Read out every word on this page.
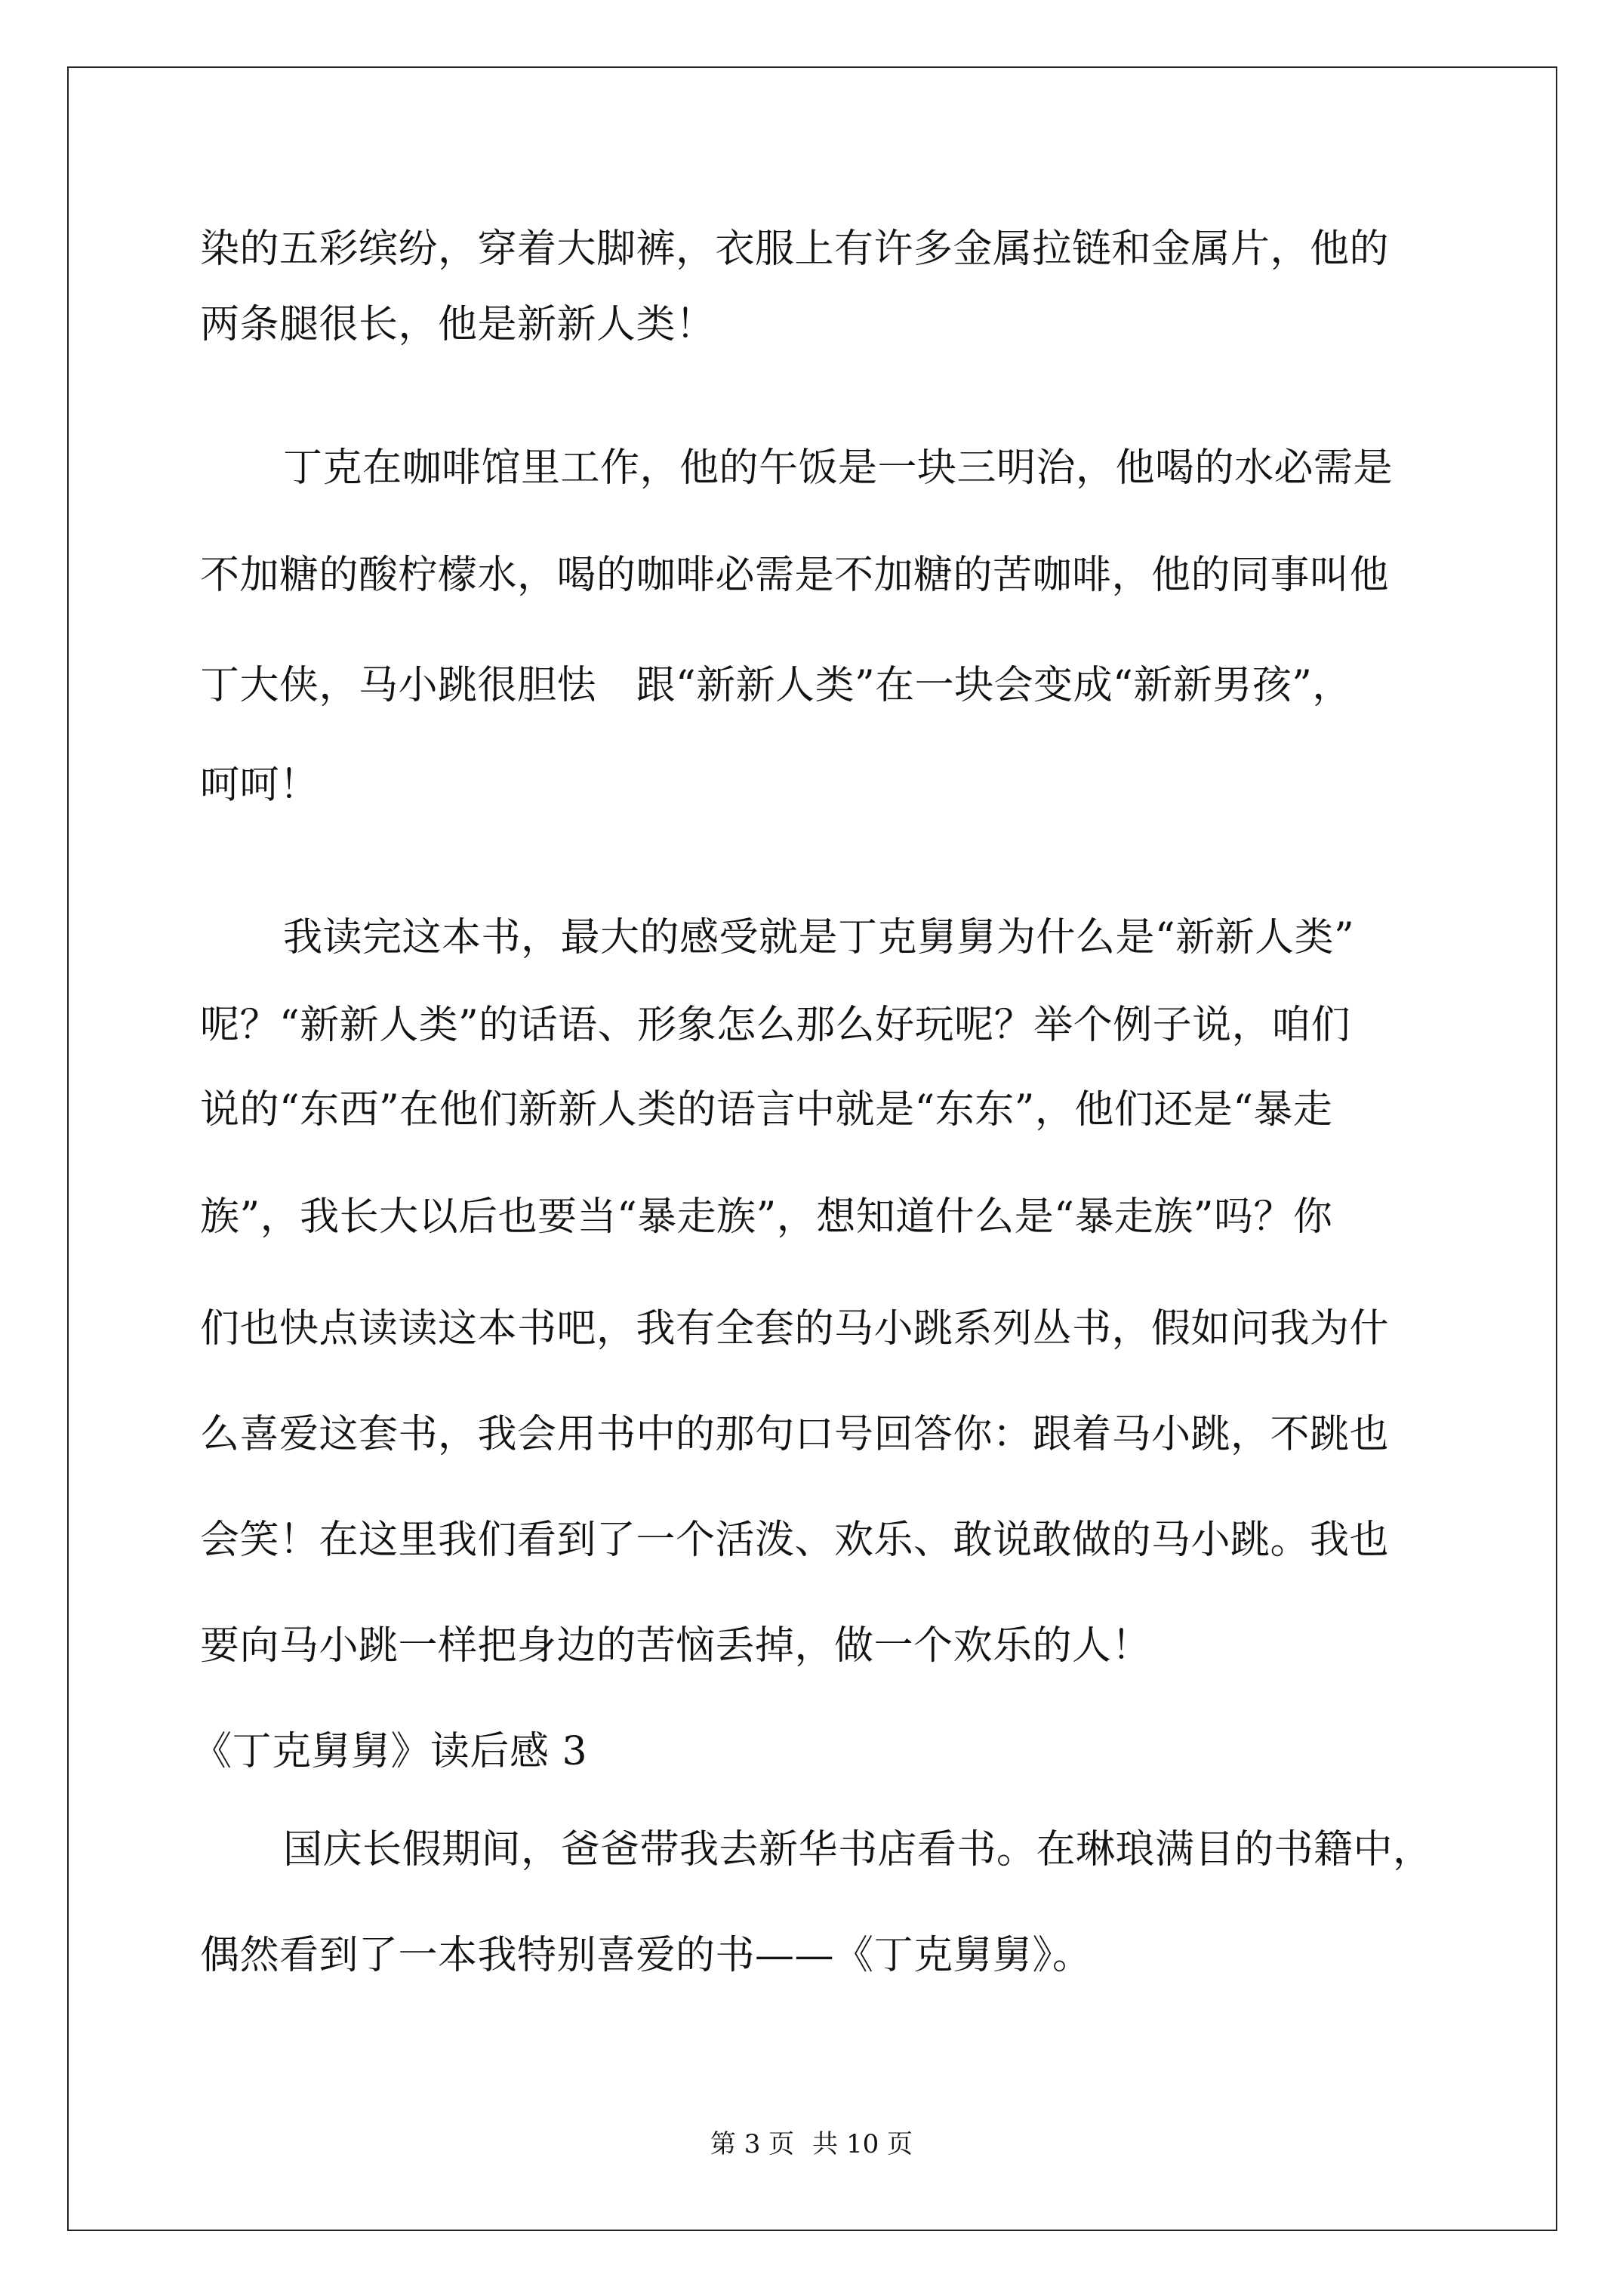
染的五彩缤纷，穿着大脚裤，衣服上有许多金属拉链和金属片，他的

两条腿很长，他是新新人类！

丁克在咖啡馆里工作，他的午饭是一块三明治，他喝的水必需是

不加糖的酸柠檬水，喝的咖啡必需是不加糖的苦咖啡，他的同事叫他

丁大侠，马小跳很胆怯　跟“新新人类”在一块会变成“新新男孩”，

呵呵！

我读完这本书，最大的感受就是丁克舅舅为什么是“新新人类”

呢？“新新人类”的话语、形象怎么那么好玩呢？举个例子说，咱们

说的“东西”在他们新新人类的语言中就是“东东”，他们还是“暴走

族”，我长大以后也要当“暴走族”，想知道什么是“暴走族”吗？你

们也快点读读这本书吧，我有全套的马小跳系列丛书，假如问我为什

么喜爱这套书，我会用书中的那句口号回答你：跟着马小跳，不跳也

会笑！在这里我们看到了一个活泼、欢乐、敢说敢做的马小跳。我也

要向马小跳一样把身边的苦恼丢掉，做一个欢乐的人！

《丁克舅舅》读后感 3

国庆长假期间，爸爸带我去新华书店看书。在琳琅满目的书籍中，

偶然看到了一本我特别喜爱的书——《丁克舅舅》。

第 3 页 共 10 页
